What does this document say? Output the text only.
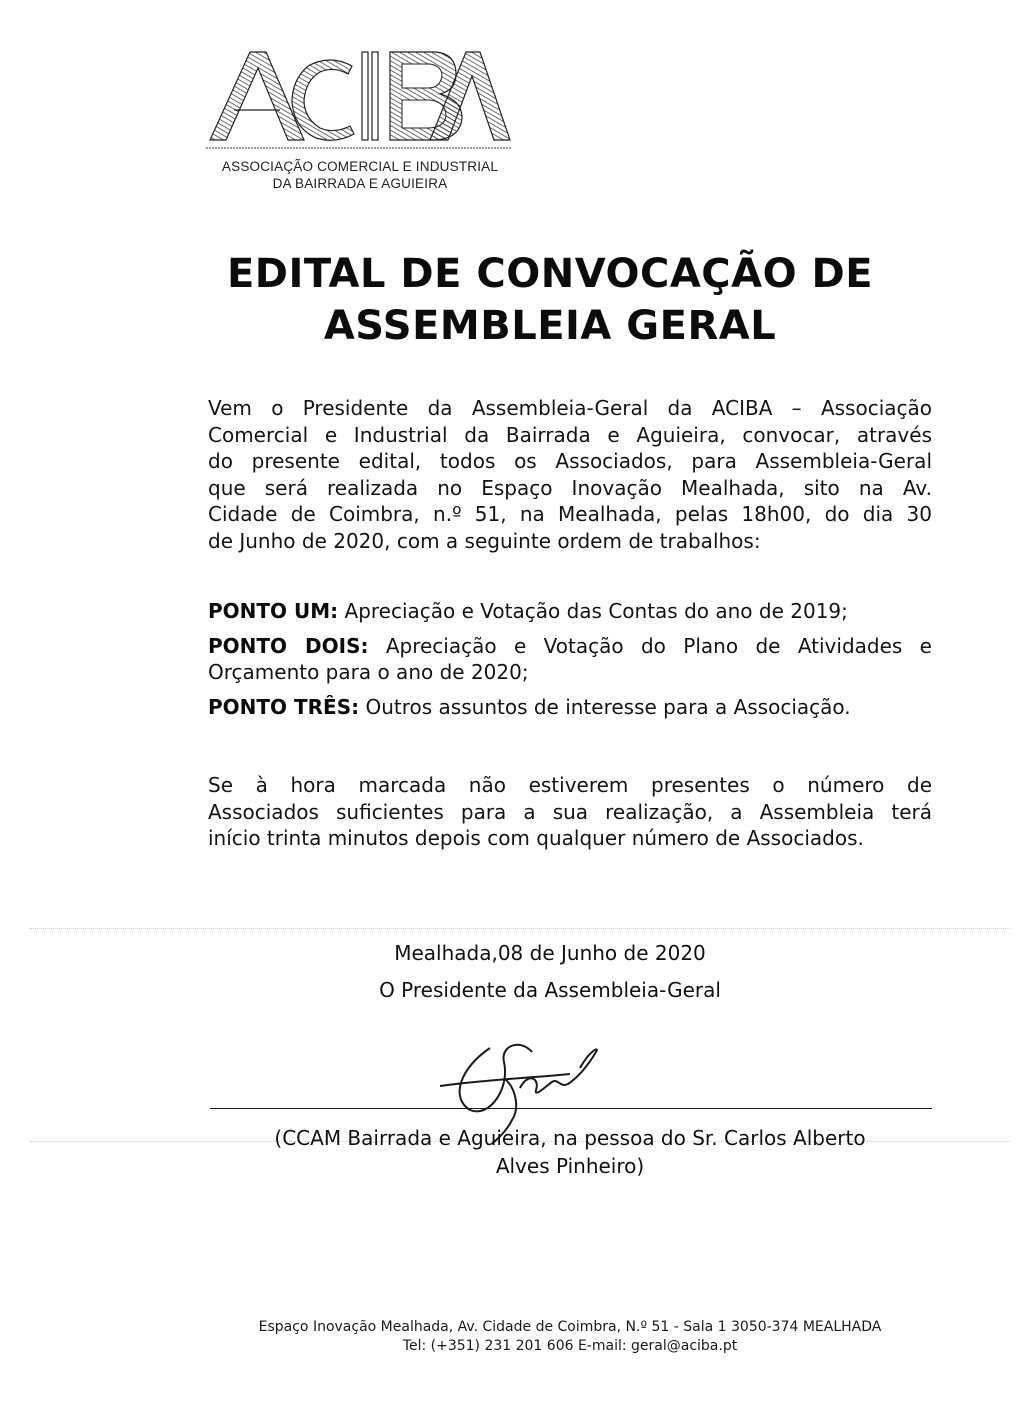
ASSOCIAÇÃO COMERCIAL E INDUSTRIAL
DA BAIRRADA E AGUIEIRA
EDITAL DE CONVOCAÇÃO DE
ASSEMBLEIA GERAL
Vem o Presidente da Assembleia-Geral da ACIBA – Associação
Comercial e Industrial da Bairrada e Aguieira, convocar, através
do presente edital, todos os Associados, para Assembleia-Geral
que será realizada no Espaço Inovação Mealhada, sito na Av.
Cidade de Coimbra, n.º 51, na Mealhada, pelas 18h00, do dia 30
de Junho de 2020, com a seguinte ordem de trabalhos:
PONTO UM: Apreciação e Votação das Contas do ano de 2019;
PONTO DOIS: Apreciação e Votação do Plano de Atividades e
Orçamento para o ano de 2020;
PONTO TRÊS: Outros assuntos de interesse para a Associação.
Se à hora marcada não estiverem presentes o número de
Associados suficientes para a sua realização, a Assembleia terá
início trinta minutos depois com qualquer número de Associados.
Mealhada,08 de Junho de 2020
O Presidente da Assembleia-Geral
(CCAM Bairrada e Aguieira, na pessoa do Sr. Carlos Alberto
Alves Pinheiro)
Espaço Inovação Mealhada, Av. Cidade de Coimbra, N.º 51 - Sala 1 3050-374 MEALHADA
Tel: (+351) 231 201 606 E-mail: geral@aciba.pt
